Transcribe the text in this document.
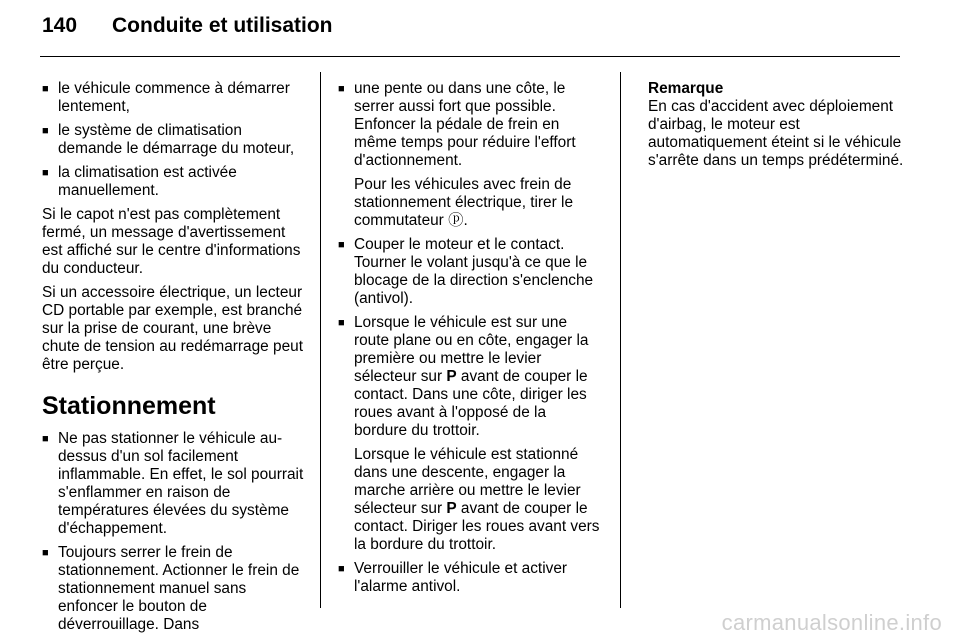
140 Conduite et utilisation
■ le véhicule commence à démarrer lentement,
■ le système de climatisation demande le démarrage du moteur,
■ la climatisation est activée manuellement.

Si le capot n'est pas complètement fermé, un message d'avertissement est affiché sur le centre d'informations du conducteur.

Si un accessoire électrique, un lecteur CD portable par exemple, est branché sur la prise de courant, une brève chute de tension au redémarrage peut être perçue.

Stationnement
■ Ne pas stationner le véhicule au-dessus d'un sol facilement inflammable. En effet, le sol pourrait s'enflammer en raison de températures élevées du système d'échappement.
■ Toujours serrer le frein de stationnement. Actionner le frein de stationnement manuel sans enfoncer le bouton de déverrouillage. Dans
■ une pente ou dans une côte, le serrer aussi fort que possible. Enfoncer la pédale de frein en même temps pour réduire l'effort d'actionnement.

Pour les véhicules avec frein de stationnement électrique, tirer le commutateur ⓟ.

■ Couper le moteur et le contact. Tourner le volant jusqu'à ce que le blocage de la direction s'enclenche (antivol).
■ Lorsque le véhicule est sur une route plane ou en côte, engager la première ou mettre le levier sélecteur sur P avant de couper le contact. Dans une côte, diriger les roues avant à l'opposé de la bordure du trottoir.

Lorsque le véhicule est stationné dans une descente, engager la marche arrière ou mettre le levier sélecteur sur P avant de couper le contact. Diriger les roues avant vers la bordure du trottoir.

■ Verrouiller le véhicule et activer l'alarme antivol.

Remarque

En cas d'accident avec déploiement d'airbag, le moteur est automatiquement éteint si le véhicule s'arrête dans un temps prédéterminé.

carmanualsonline.info
